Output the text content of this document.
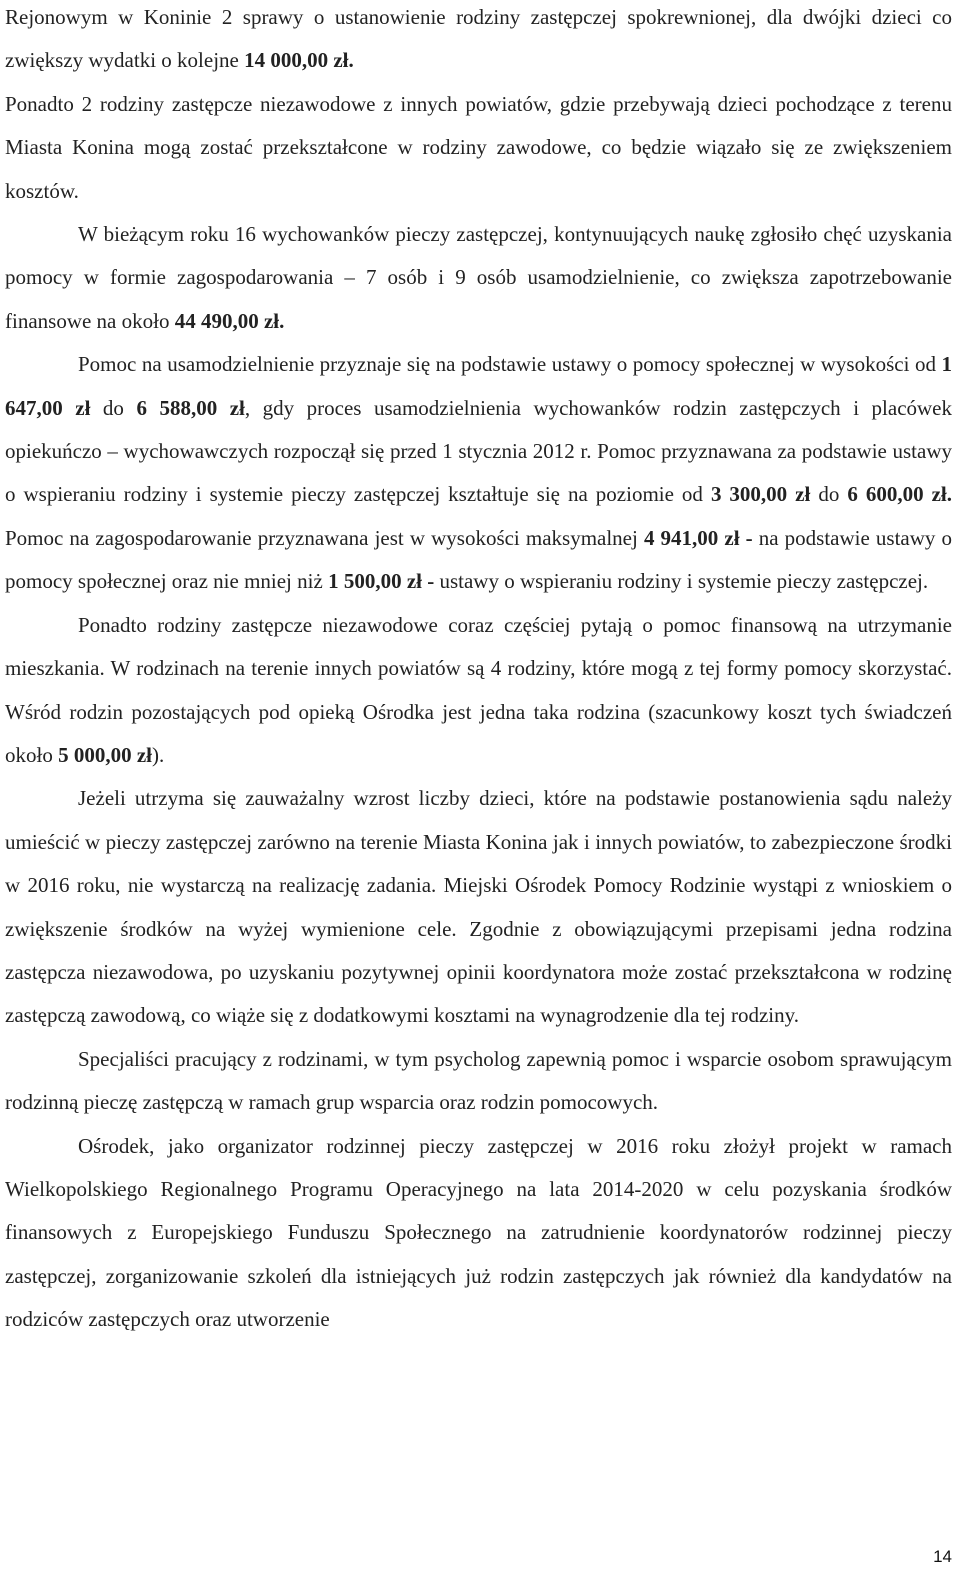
Rejonowym w Koninie 2 sprawy o ustanowienie rodziny zastępczej spokrewnionej, dla dwójki dzieci co zwiększy wydatki o kolejne 14 000,00 zł.

Ponadto 2 rodziny zastępcze niezawodowe z innych powiatów, gdzie przebywają dzieci pochodzące z terenu Miasta Konina mogą zostać przekształcone w rodziny zawodowe, co będzie wiązało się ze zwiększeniem kosztów.

W bieżącym roku 16 wychowanków pieczy zastępczej, kontynuujących naukę zgłosiło chęć uzyskania pomocy w formie zagospodarowania – 7 osób i 9 osób usamodzielnienie, co zwiększa zapotrzebowanie finansowe na około 44 490,00 zł.

Pomoc na usamodzielnienie przyznaje się na podstawie ustawy o pomocy społecznej w wysokości od 1 647,00 zł do 6 588,00 zł, gdy proces usamodzielnienia wychowanków rodzin zastępczych i placówek opiekuńczo – wychowawczych rozpoczął się przed 1 stycznia 2012 r. Pomoc przyznawana za podstawie ustawy o wspieraniu rodziny i systemie pieczy zastępczej kształtuje się na poziomie od 3 300,00 zł do 6 600,00 zł. Pomoc na zagospodarowanie przyznawana jest w wysokości maksymalnej 4 941,00 zł - na podstawie ustawy o pomocy społecznej oraz nie mniej niż 1 500,00 zł - ustawy o wspieraniu rodziny i systemie pieczy zastępczej.

Ponadto rodziny zastępcze niezawodowe coraz częściej pytają o pomoc finansową na utrzymanie mieszkania. W rodzinach na terenie innych powiatów są 4 rodziny, które mogą z tej formy pomocy skorzystać. Wśród rodzin pozostających pod opieką Ośrodka jest jedna taka rodzina (szacunkowy koszt tych świadczeń około 5 000,00 zł).

Jeżeli utrzyma się zauważalny wzrost liczby dzieci, które na podstawie postanowienia sądu należy umieścić w pieczy zastępczej zarówno na terenie Miasta Konina jak i innych powiatów, to zabezpieczone środki w 2016 roku, nie wystarczą na realizację zadania. Miejski Ośrodek Pomocy Rodzinie wystąpi z wnioskiem o zwiększenie środków na wyżej wymienione cele. Zgodnie z obowiązującymi przepisami jedna rodzina zastępcza niezawodowa, po uzyskaniu pozytywnej opinii koordynatora może zostać przekształcona w rodzinę zastępczą zawodową, co wiąże się z dodatkowymi kosztami na wynagrodzenie dla tej rodziny.

Specjaliści pracujący z rodzinami, w tym psycholog zapewnią pomoc i wsparcie osobom sprawującym rodzinną pieczę zastępczą w ramach grup wsparcia oraz rodzin pomocowych.

Ośrodek, jako organizator rodzinnej pieczy zastępczej w 2016 roku złożył projekt w ramach Wielkopolskiego Regionalnego Programu Operacyjnego na lata 2014-2020 w celu pozyskania środków finansowych z Europejskiego Funduszu Społecznego na zatrudnienie koordynatorów rodzinnej pieczy zastępczej, zorganizowanie szkoleń dla istniejących już rodzin zastępczych jak również dla kandydatów na rodziców zastępczych oraz utworzenie

14
